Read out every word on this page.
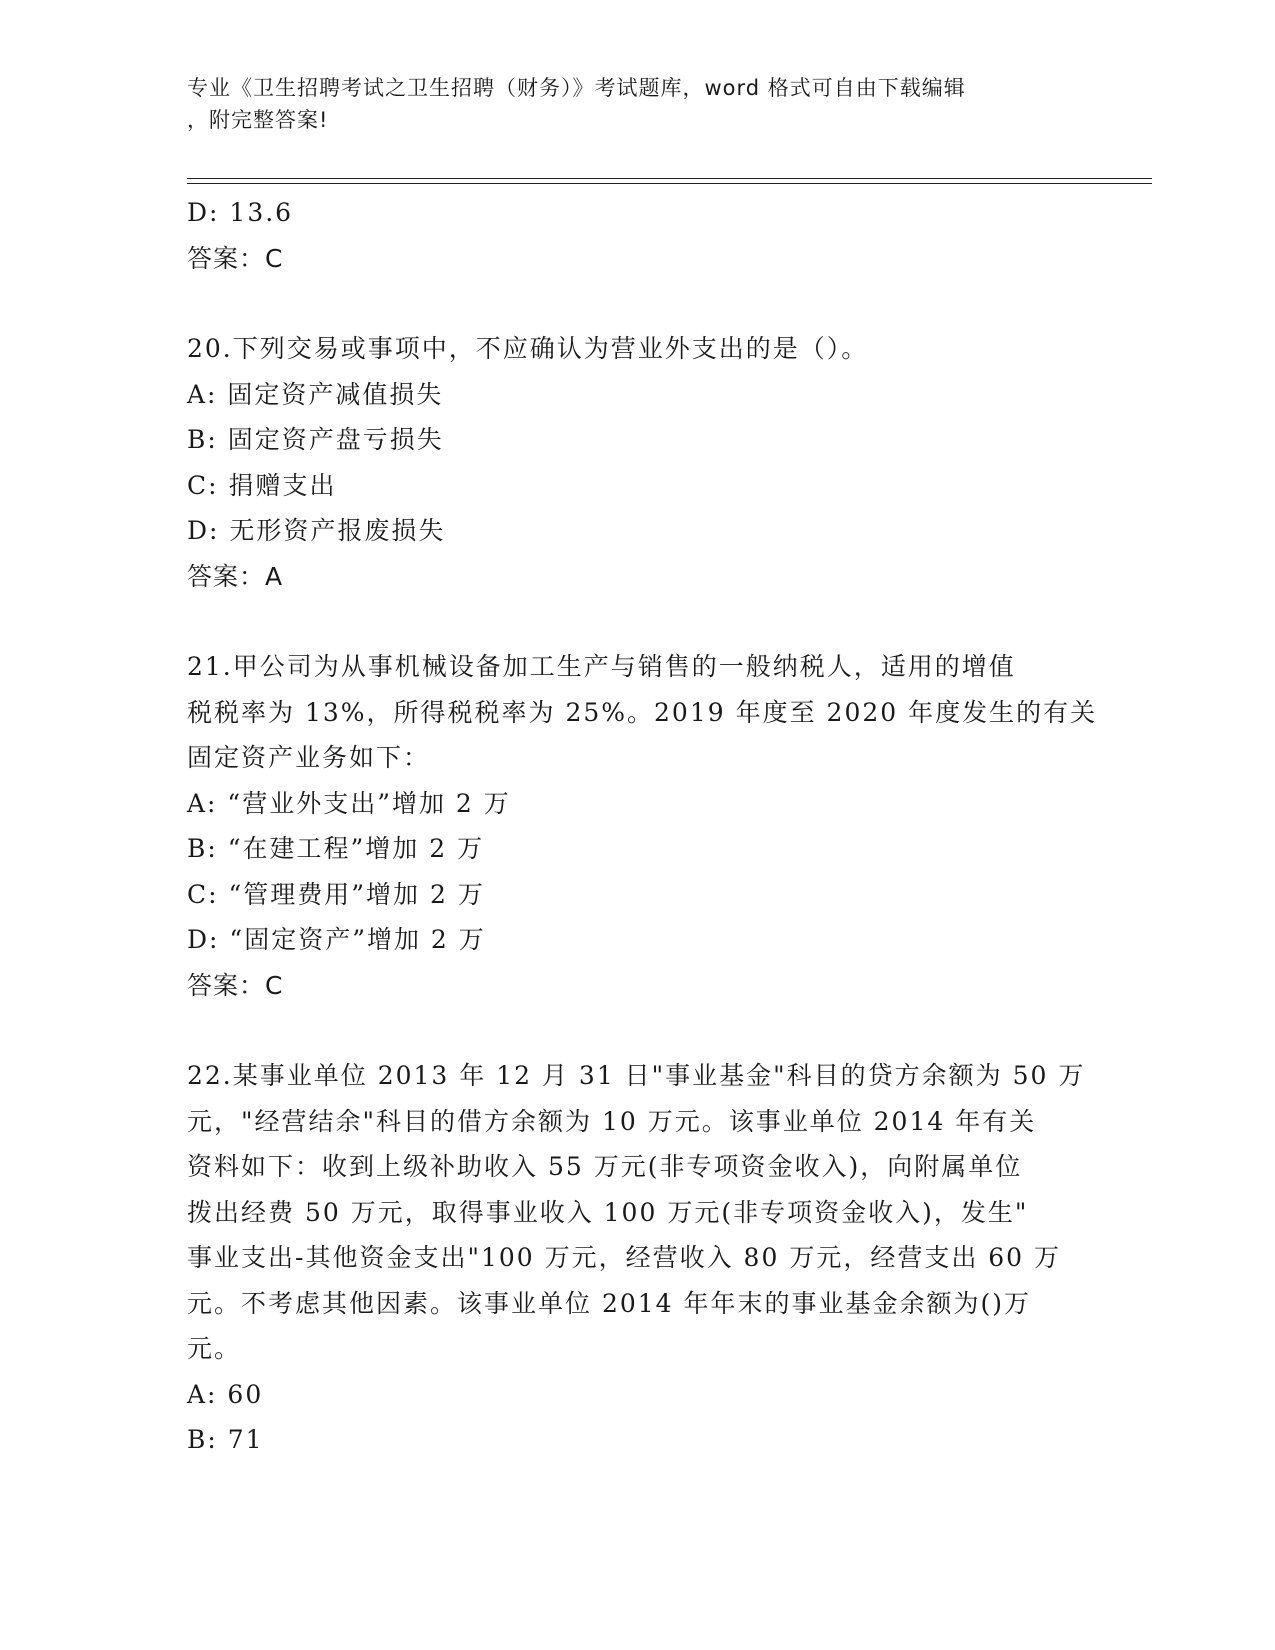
专业《卫生招聘考试之卫生招聘（财务）》考试题库，word 格式可自由下载编辑
，附完整答案!
D: 13.6
答案：C
20.下列交易或事项中，不应确认为营业外支出的是（）。
A: 固定资产减值损失
B: 固定资产盘亏损失
C: 捐赠支出
D: 无形资产报废损失
答案：A
21.甲公司为从事机械设备加工生产与销售的一般纳税人，适用的增值
税税率为 13%，所得税税率为 25%。2019 年度至 2020 年度发生的有关
固定资产业务如下：
A: “营业外支出”增加 2 万
B: “在建工程”增加 2 万
C: “管理费用”增加 2 万
D: “固定资产”增加 2 万
答案：C
22.某事业单位 2013 年 12 月 31 日"事业基金"科目的贷方余额为 50 万
元，"经营结余"科目的借方余额为 10 万元。该事业单位 2014 年有关
资料如下：收到上级补助收入 55 万元(非专项资金收入)，向附属单位
拨出经费 50 万元，取得事业收入 100 万元(非专项资金收入)，发生"
事业支出-其他资金支出"100 万元，经营收入 80 万元，经营支出 60 万
元。不考虑其他因素。该事业单位 2014 年年末的事业基金余额为()万
元。
A: 60
B: 71
